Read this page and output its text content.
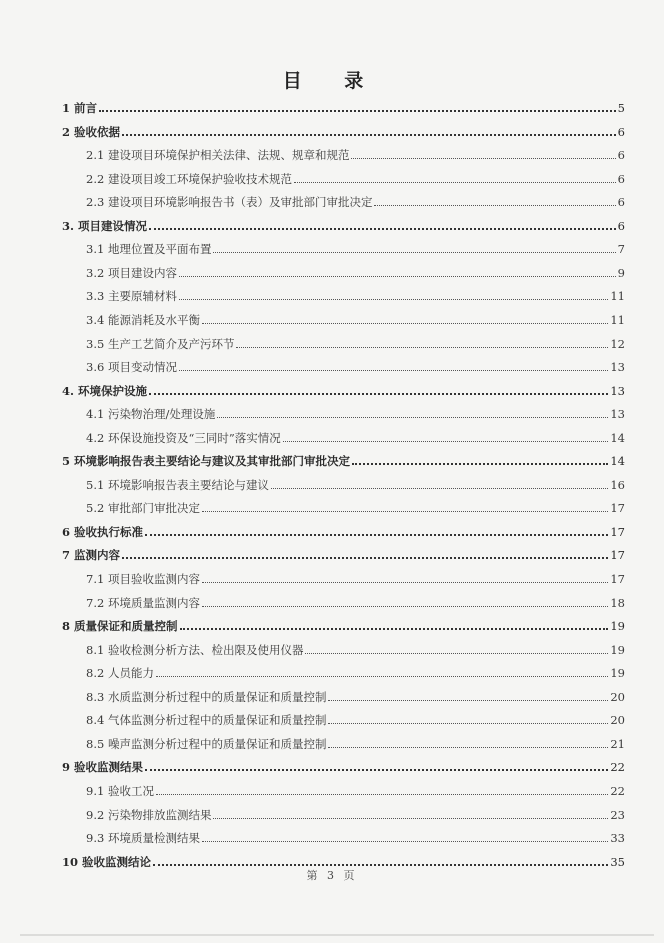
目 录
1 前言	5
2 验收依据	6
2.1 建设项目环境保护相关法律、法规、规章和规范	6
2.2 建设项目竣工环境保护验收技术规范	6
2.3 建设项目环境影响报告书（表）及审批部门审批决定	6
3. 项目建设情况	6
3.1 地理位置及平面布置	7
3.2 项目建设内容	9
3.3 主要原辅材料	11
3.4 能源消耗及水平衡	11
3.5 生产工艺简介及产污环节	12
3.6 项目变动情况	13
4. 环境保护设施	13
4.1 污染物治理/处理设施	13
4.2 环保设施投资及“三同时”落实情况	14
5 环境影响报告表主要结论与建议及其审批部门审批决定	14
5.1 环境影响报告表主要结论与建议	16
5.2 审批部门审批决定	17
6 验收执行标准	17
7 监测内容	17
7.1 项目验收监测内容	17
7.2 环境质量监测内容	18
8 质量保证和质量控制	19
8.1 验收检测分析方法、检出限及使用仪器	19
8.2 人员能力	19
8.3 水质监测分析过程中的质量保证和质量控制	20
8.4 气体监测分析过程中的质量保证和质量控制	20
8.5 噪声监测分析过程中的质量保证和质量控制	21
9 验收监测结果	22
9.1 验收工况	22
9.2 污染物排放监测结果	23
9.3 环境质量检测结果	33
10 验收监测结论	35
第 3 页
